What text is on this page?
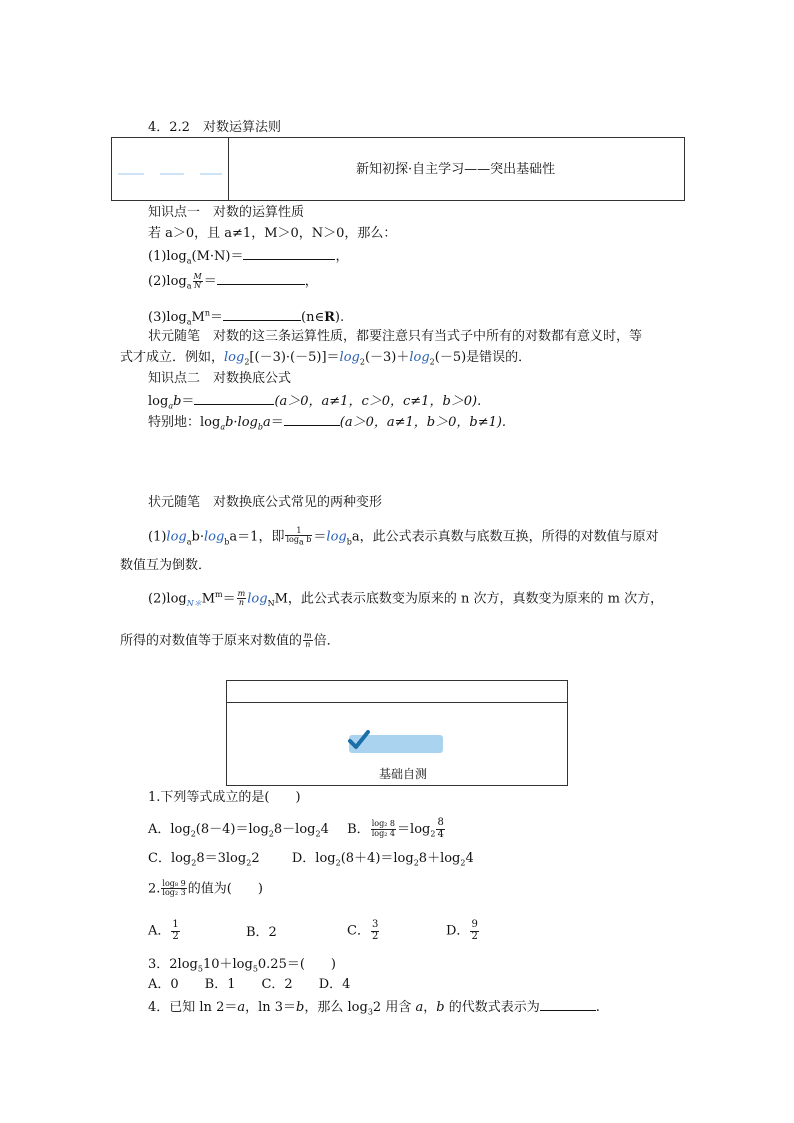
4．2.2　对数运算法则
新知初探·自主学习——突出基础性
知识点一　对数的运算性质
若 a＞0，且 a≠1，M＞0，N＞0，那么：
$(1)\log_a(M\cdot N)=$	，
$(2)\log_a \frac{M}{N}$ ＝	，
$(3)\log_aM^n=$	(n∈R).
状元随笔　对数的这三条运算性质，都要注意只有当式子中所有的对数都有意义时，等
式才成立．例如，$\log_2[(-3)\cdot(-5)]=\log_2(-3)+\log_2(-5)$是错误的．
知识点二　对数换底公式
$\log_ab=$	(a＞0，a≠1，c＞0，c≠1，b＞0).
特别地：$\log_ab\cdot\log_ba=$	(a＞0，a≠1，b＞0，b≠1).
状元随笔　对数换底公式常见的两种变形
$(1)\log_ab\cdot\log_ba=1$，即 $\frac{1}{\log_a b} =\log_ba$，此公式表示真数与底数互换，所得的对数值与原对
数值互为倒数．
$(2)\log_{N*}M^m= \frac{m}{n} \log_NM$，此公式表示底数变为原来的 n 次方，真数变为原来的 m 次方，
所得的对数值等于原来对数值的 $\frac{m}{n}$ 倍．
基础自测
1.下列等式成立的是(　　)
A．$\log_2(8-4)=\log_28-\log_24$ B． $\frac{\text{log₂ 8}}{\text{log₂ 4}} =\log_2 \frac{8}{4}$
C．$\log_28=3\log_22$ D．$\log_2(8+4)=\log_28+\log_24$
2. $\frac{\text{log₈ 9}}{\text{log₂ 3}}$ 的值为(　　)
A． $\frac{1}{2}$	B．2	C． $\frac{3}{2}$	D． $\frac{9}{2}$
3．$2\log_510+\log_50.25=$(　　)
A．0　　B．1　　C．2　　D．4
4．已知 ln 2＝a，ln 3＝b，那么 $\log_32$ 用含 a，b 的代数式表示为	.
